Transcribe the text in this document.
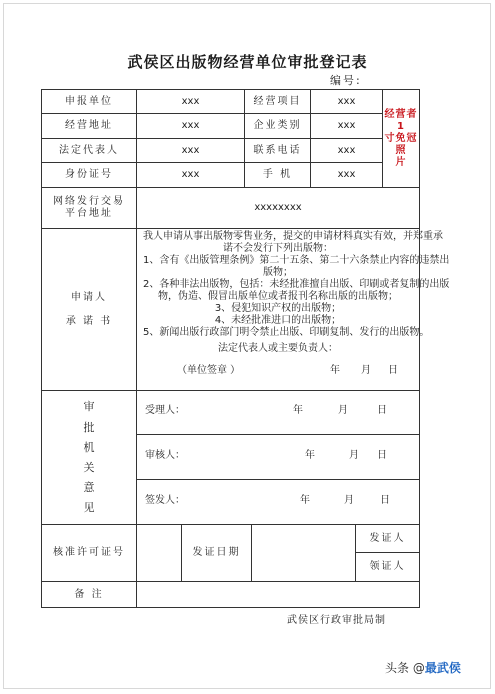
武侯区出版物经营单位审批登记表
编号:
申报单位	xxx	经营项目	xxx	经营者1
寸免冠照
片
经营地址	xxx	企业类别	xxx	
法定代表人	xxx	联系电话	xxx	
身份证号	xxx	手 机	xxx	
网络发行交易
平台地址	xxxxxxxx			
申请人

承 诺 书	
我人申请从事出版物零售业务，提交的申请材料真实有效，并郑重承
诺不会发行下列出版物：
1、含有《出版管理条例》第二十五条、第二十六条禁止内容的违禁出
版物；
2、各种非法出版物，包括：未经批准擅自出版、印刷或者复制的出版
物，伪造、假冒出版单位或者报刊名称出版的出版物；
3、侵犯知识产权的出版物；
4、未经批准进口的出版物；
5、新闻出版行政部门明令禁止出版、印刷复制、发行的出版物。
法定代表人或主要负责人：
（单位签章 ）	年 月 日
审
批
机
关
意
见

受理人：	年	月	日

审核人：	年	月 日

签发人：	年	月	日
核准许可证号		发证日期		发证人
				领证人
备 注				
武侯区行政审批局制
头条 @最武侯
